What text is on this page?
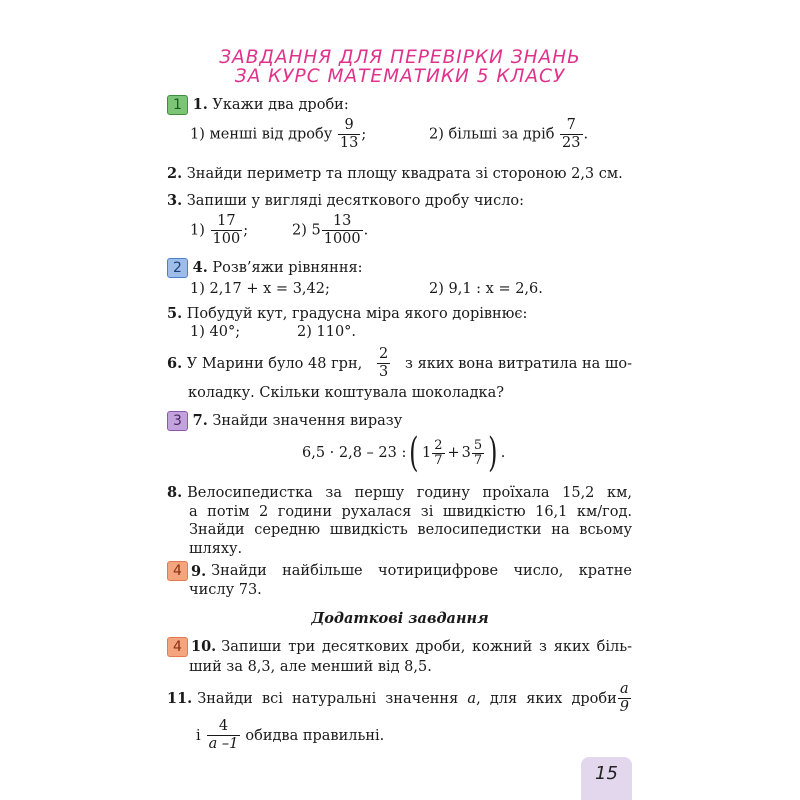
ЗАВДАННЯ ДЛЯ ПЕРЕВІРКИ ЗНАНЬ
ЗА КУРС МАТЕМАТИКИ 5 КЛАСУ
1 1. Укажи два дроби:
1) менші від дробу $\frac{9}{13}$ ;	2) більші за дріб $\frac{7}{23}$ .
2. Знайди периметр та площу квадрата зі стороною 2,3 см.
3. Запиши у вигляді десяткового дробу число:
$1) \frac{17}{100}$ ;	2) $5 \frac{13}{1000}$ .
2 4. Розв’яжи рівняння:
1) 2,17 + x = 3,42;	2) 9,1 : x = 2,6.
5. Побудуй кут, градусна міра якого дорівнює:
1) 40°;	2) 110°.
6. У Марини було 48 грн, $\frac{2}{3}$ з яких вона витратила на шо-
коладку. Скільки коштувала шоколадка?
3 7. Знайди значення виразу
6,5 · 2,8 – 23 : ( $1 \frac{2}{7} + 3 \frac{5}{7}$ ) .
8. Велосипедистка за першу годину проїхала 15,2 км,
а потім 2 години рухалася зі швидкістю 16,1 км/год.
Знайди середню швидкість велосипедистки на всьому
шляху.
4 9. Знайди найбільше чотирицифрове число, кратне
числу 73.
Додаткові завдання
4 10. Запиши три десяткових дроби, кожний з яких біль-
ший за 8,3, але менший від 8,5.
11. Знайди всі натуральні значення a, для яких дроби $\frac{a}{9}$
і $\frac{4}{a -1}$ обидва правильні.
15
